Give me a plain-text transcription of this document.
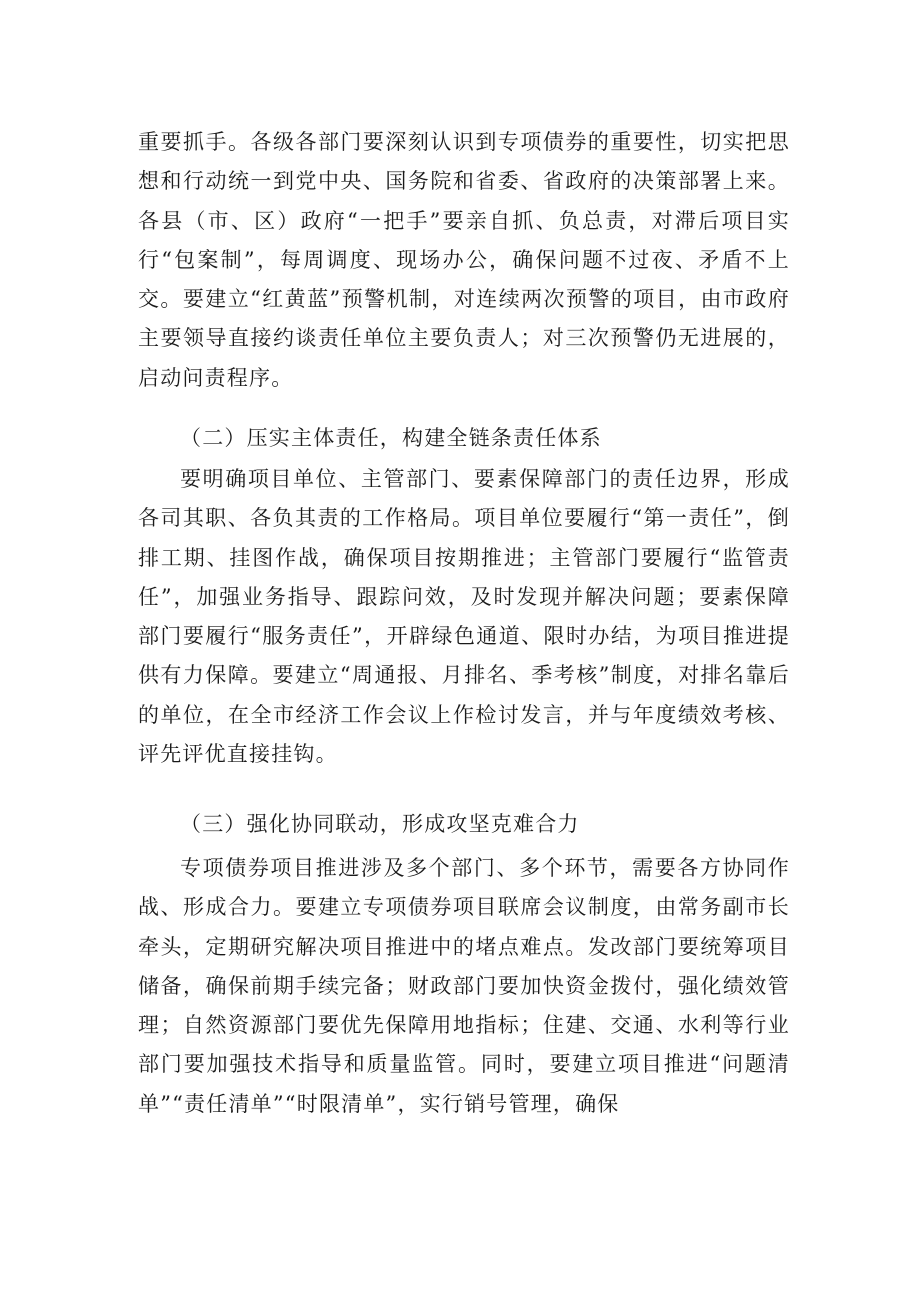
重要抓手。各级各部门要深刻认识到专项债券的重要性，切实把思想和行动统一到党中央、国务院和省委、省政府的决策部署上来。各县（市、区）政府“一把手”要亲自抓、负总责，对滞后项目实行“包案制”，每周调度、现场办公，确保问题不过夜、矛盾不上交。要建立“红黄蓝”预警机制，对连续两次预警的项目，由市政府主要领导直接约谈责任单位主要负责人；对三次预警仍无进展的，启动问责程序。

（二）压实主体责任，构建全链条责任体系

要明确项目单位、主管部门、要素保障部门的责任边界，形成各司其职、各负其责的工作格局。项目单位要履行“第一责任”，倒排工期、挂图作战，确保项目按期推进；主管部门要履行“监管责任”，加强业务指导、跟踪问效，及时发现并解决问题；要素保障部门要履行“服务责任”，开辟绿色通道、限时办结，为项目推进提供有力保障。要建立“周通报、月排名、季考核”制度，对排名靠后的单位，在全市经济工作会议上作检讨发言，并与年度绩效考核、评先评优直接挂钩。

（三）强化协同联动，形成攻坚克难合力

专项债券项目推进涉及多个部门、多个环节，需要各方协同作战、形成合力。要建立专项债券项目联席会议制度，由常务副市长牵头，定期研究解决项目推进中的堵点难点。发改部门要统筹项目储备，确保前期手续完备；财政部门要加快资金拨付，强化绩效管理；自然资源部门要优先保障用地指标；住建、交通、水利等行业部门要加强技术指导和质量监管。同时，要建立项目推进“问题清单”“责任清单”“时限清单”，实行销号管理，确保
